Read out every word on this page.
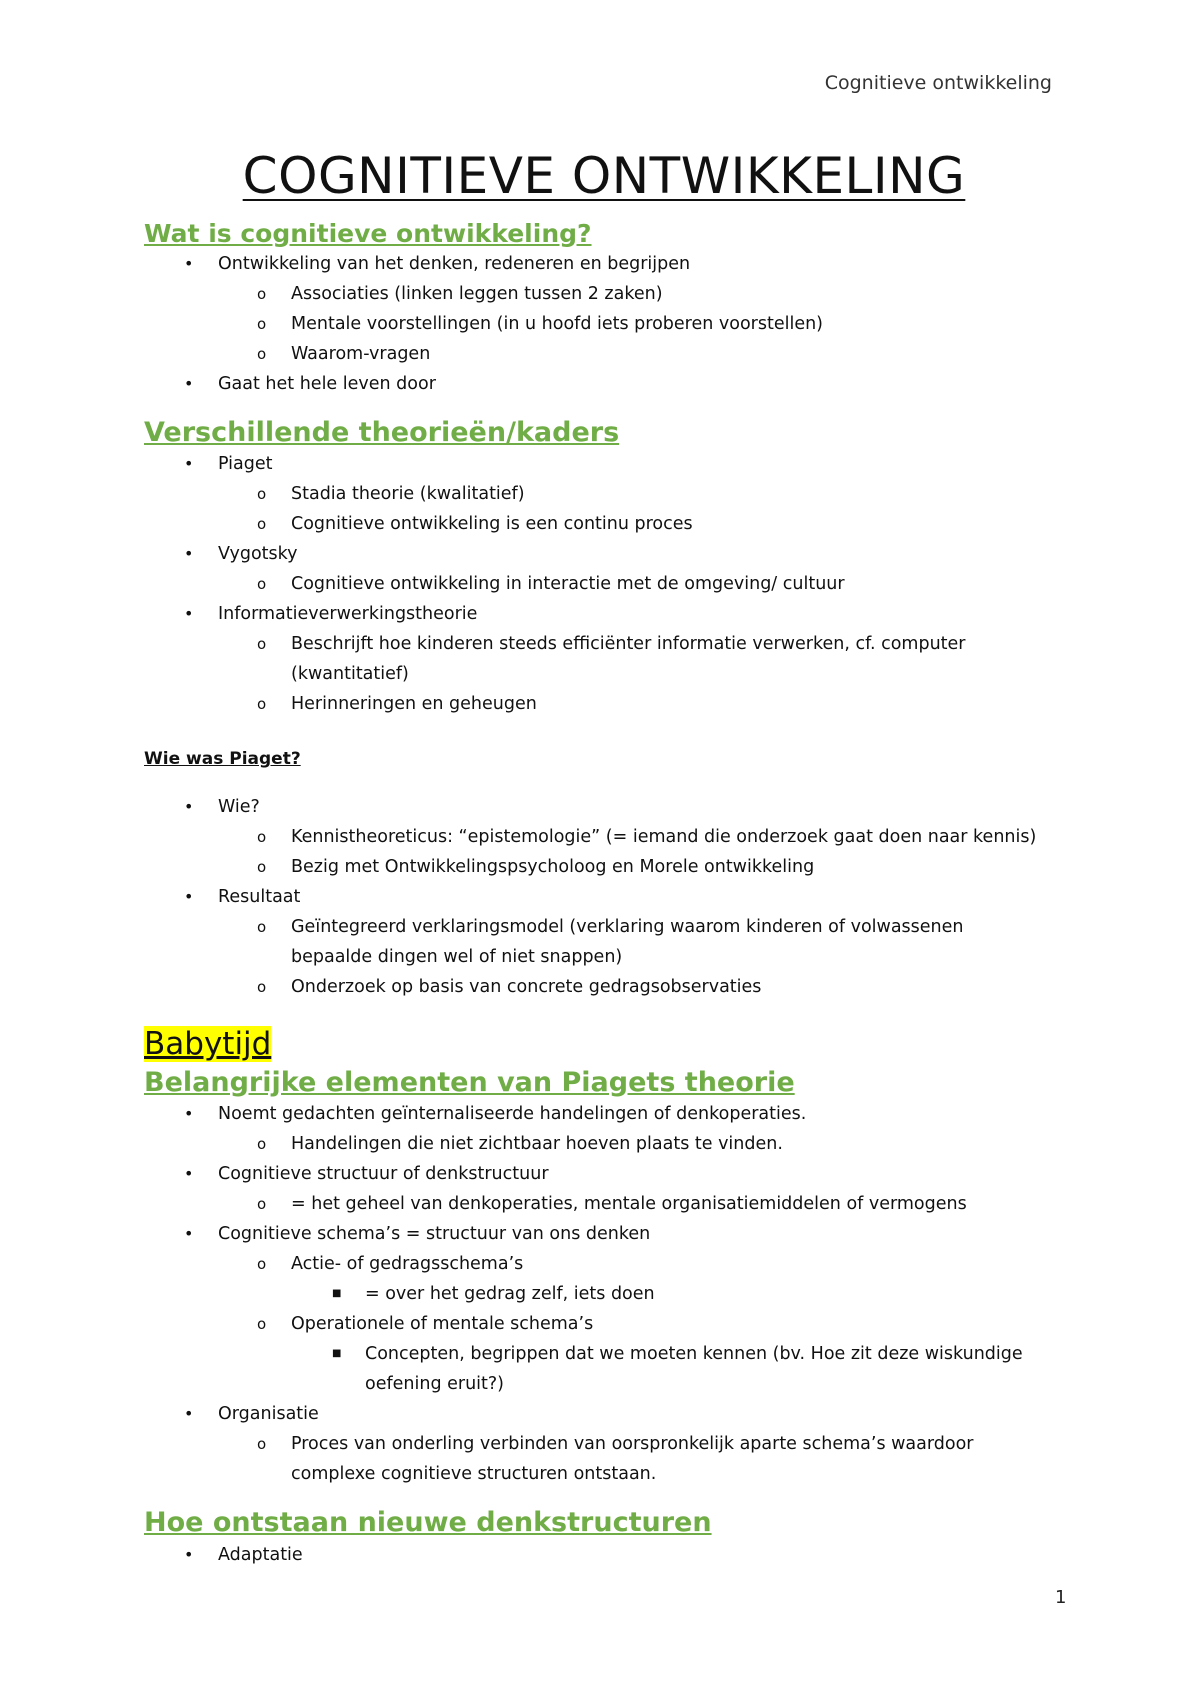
Cognitieve ontwikkeling

COGNITIEVE ONTWIKKELING
Wat is cognitieve ontwikkeling?
• Ontwikkeling van het denken, redeneren en begrijpen
o Associaties (linken leggen tussen 2 zaken)
o Mentale voorstellingen (in u hoofd iets proberen voorstellen)
o Waarom-vragen
• Gaat het hele leven door
Verschillende theorieën/kaders
• Piaget
o Stadia theorie (kwalitatief)
o Cognitieve ontwikkeling is een continu proces
• Vygotsky
o Cognitieve ontwikkeling in interactie met de omgeving/ cultuur
• Informatieverwerkingstheorie
o Beschrijft hoe kinderen steeds efficiënter informatie verwerken, cf. computer
(kwantitatief)
o Herinneringen en geheugen
Wie was Piaget?
• Wie?
o Kennistheoreticus: “epistemologie” (= iemand die onderzoek gaat doen naar kennis)
o Bezig met Ontwikkelingspsycholoog en Morele ontwikkeling
• Resultaat
o Geïntegreerd verklaringsmodel (verklaring waarom kinderen of volwassenen
bepaalde dingen wel of niet snappen)
o Onderzoek op basis van concrete gedragsobservaties
Babytijd
Belangrijke elementen van Piagets theorie
• Noemt gedachten geïnternaliseerde handelingen of denkoperaties.
o Handelingen die niet zichtbaar hoeven plaats te vinden.
• Cognitieve structuur of denkstructuur
o = het geheel van denkoperaties, mentale organisatiemiddelen of vermogens
• Cognitieve schema’s = structuur van ons denken
o Actie- of gedragsschema’s
■ = over het gedrag zelf, iets doen
o Operationele of mentale schema’s
■ Concepten, begrippen dat we moeten kennen (bv. Hoe zit deze wiskundige
oefening eruit?)
• Organisatie
o Proces van onderling verbinden van oorspronkelijk aparte schema’s waardoor
complexe cognitieve structuren ontstaan.
Hoe ontstaan nieuwe denkstructuren
• Adaptatie

1
